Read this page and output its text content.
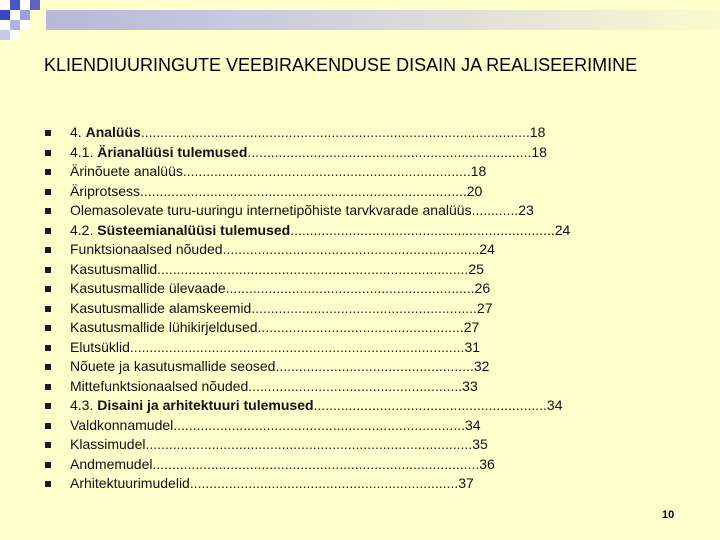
KLIENDIUURINGUTE VEEBIRAKENDUSE DISAIN JA REALISEERIMINE
4. Analüüs....................................................................................................18
4.1. Ärianalüüsi tulemused.........................................................................18
Ärinõuete analüüs..........................................................................18
Äriprotsess....................................................................................20
Olemasolevate turu-uuringu internetipõhiste tarvkvarade analüüs............23
4.2. Süsteemianalüüsi tulemused....................................................................24
Funktsionaalsed nõuded..................................................................24
Kasutusmallid................................................................................25
Kasutusmallide ülevaade................................................................26
Kasutusmallide alamskeemid..........................................................27
Kasutusmallide lühikirjeldused.....................................................27
Elutsüklid......................................................................................31
Nõuete ja kasutusmallide seosed...................................................32
Mittefunktsionaalsed nõuded.......................................................33
4.3. Disaini ja arhitektuuri tulemused............................................................34
Valdkonnamudel...........................................................................34
Klassimudel....................................................................................35
Andmemudel....................................................................................36
Arhitektuurimudelid.....................................................................37
10
